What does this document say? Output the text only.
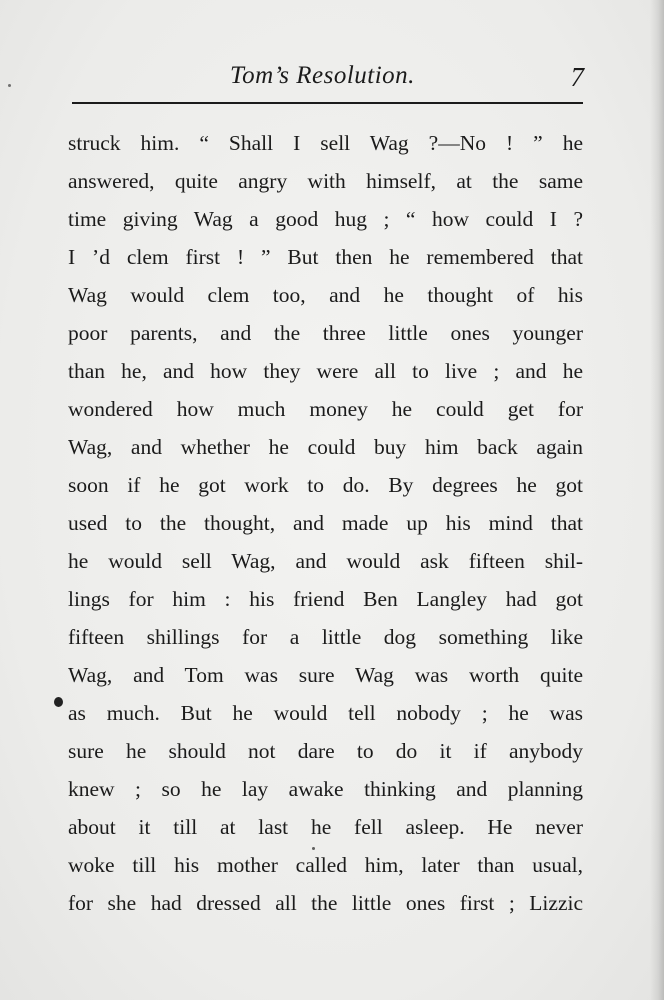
Tom’s Resolution.	7
struck him. “ Shall I sell Wag ?—No ! ” he
answered, quite angry with himself, at the same
time giving Wag a good hug ; “ how could I ?
I ’d clem first ! ” But then he remembered that
Wag would clem too, and he thought of his
poor parents, and the three little ones younger
than he, and how they were all to live ; and he
wondered how much money he could get for
Wag, and whether he could buy him back again
soon if he got work to do. By degrees he got
used to the thought, and made up his mind that
he would sell Wag, and would ask fifteen shil-
lings for him : his friend Ben Langley had got
fifteen shillings for a little dog something like
Wag, and Tom was sure Wag was worth quite
as much. But he would tell nobody ; he was
sure he should not dare to do it if anybody
knew ; so he lay awake thinking and planning
about it till at last he fell asleep. He never
woke till his mother called him, later than usual,
for she had dressed all the little ones first ; Lizzic
